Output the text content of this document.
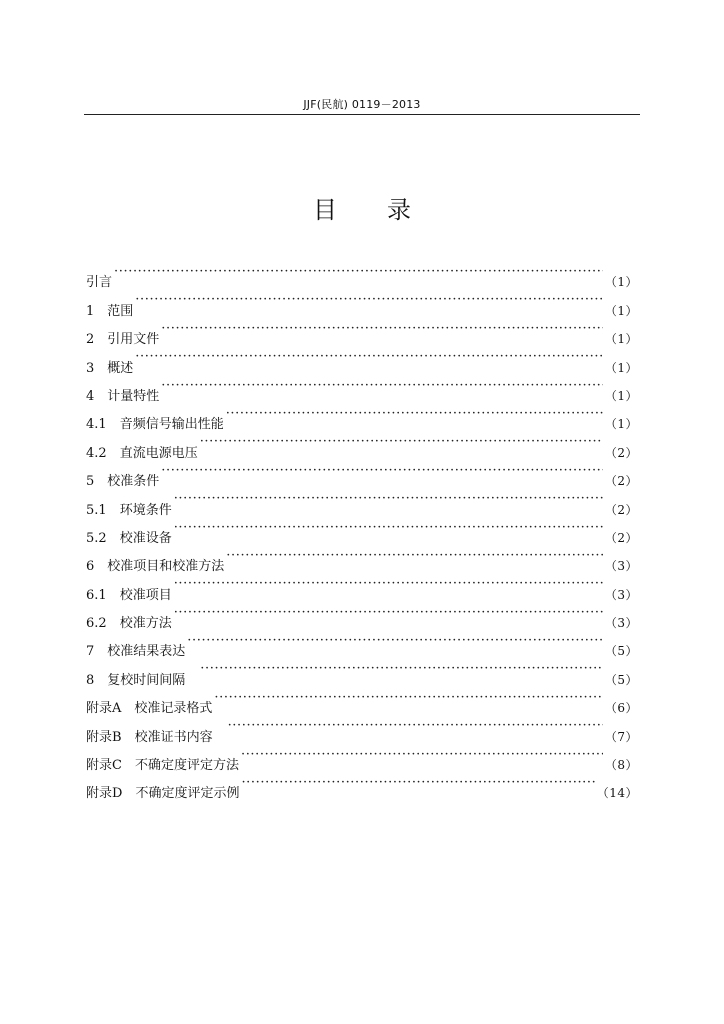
JJF(民航) 0119－2013
目 录
引言 ·····	（1）
1　 范围 ·····	（1）
2　 引用文件 ·····	（1）
3　 概述 ·····	（1）
4　 计量特性 ·····	（1）
4.1　 音频信号输出性能 ·····	（1）
4.2　 直流电源电压 ·····	（2）
5　 校准条件 ·····	（2）
5.1　 环境条件 ·····	（2）
5.2　 校准设备 ·····	（2）
6　 校准项目和校准方法 ·····	（3）
6.1　 校准项目 ·····	（3）
6.2　 校准方法 ·····	（3）
7　 校准结果表达 ·····	（5）
8　 复校时间间隔　 ·····	（5）
附录A　 校准记录格式 ·····	（6）
附录B　 校准证书内容　 ·····	（7）
附录C　 不确定度评定方法 ·····	（8）
附录D　 不确定度评定示例 ·····	（14）
